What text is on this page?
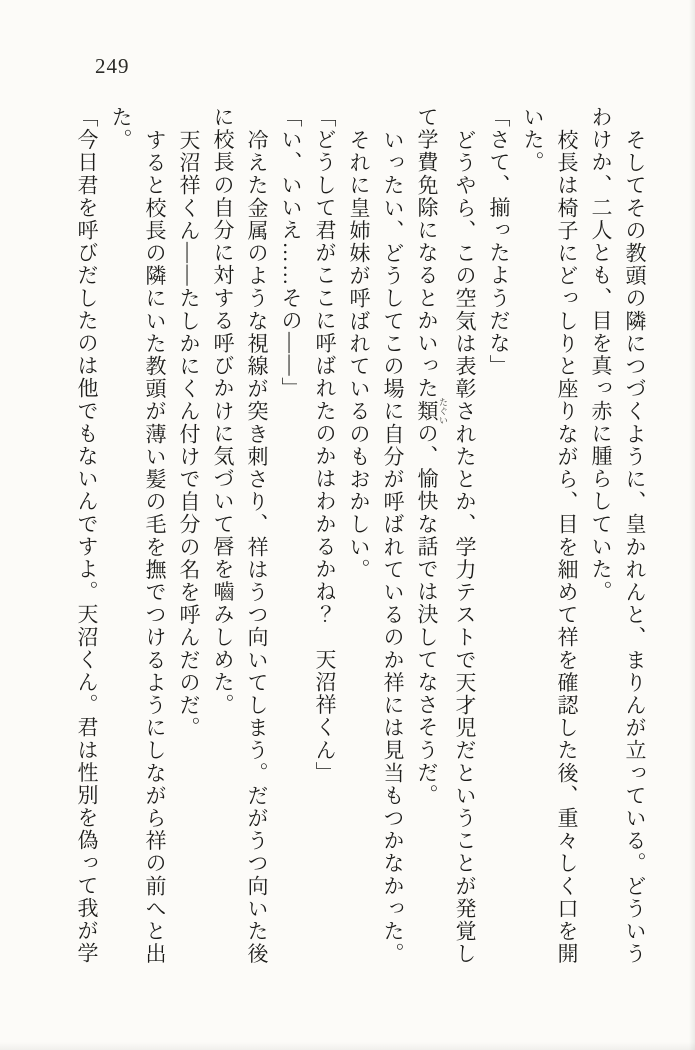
249

そしてその教頭の隣につづくように、皇かれんと、まりんが立っている。どういう

わけか、二人とも、目を真っ赤に腫らしていた。

校長は椅子にどっしりと座りながら、目を細めて祥を確認した後、重々しく口を開

いた。

「さて、揃ったようだな」

どうやら、この空気は表彰されたとか、学力テストで天才児だということが発覚し

て学費免除になるとかいった類 たぐいの、愉快な話では決してなさそうだ。

いったい、どうしてこの場に自分が呼ばれているのか祥には見当もつかなかった。

それに皇姉妹が呼ばれているのもおかしい。

「どうして君がここに呼ばれたのかはわかるかね？　天沼祥くん」

「い、いいえ……その――」

冷えた金属のような視線が突き刺さり、祥はうつ向いてしまう。だがうつ向いた後

に校長の自分に対する呼びかけに気づいて唇を嚙みしめた。

天沼祥くん――たしかにくん付けで自分の名を呼んだのだ。

すると校長の隣にいた教頭が薄い髪の毛を撫でつけるようにしながら祥の前へと出

た。

「今日君を呼びだしたのは他でもないんですよ。天沼くん。君は性別を偽って我が学
